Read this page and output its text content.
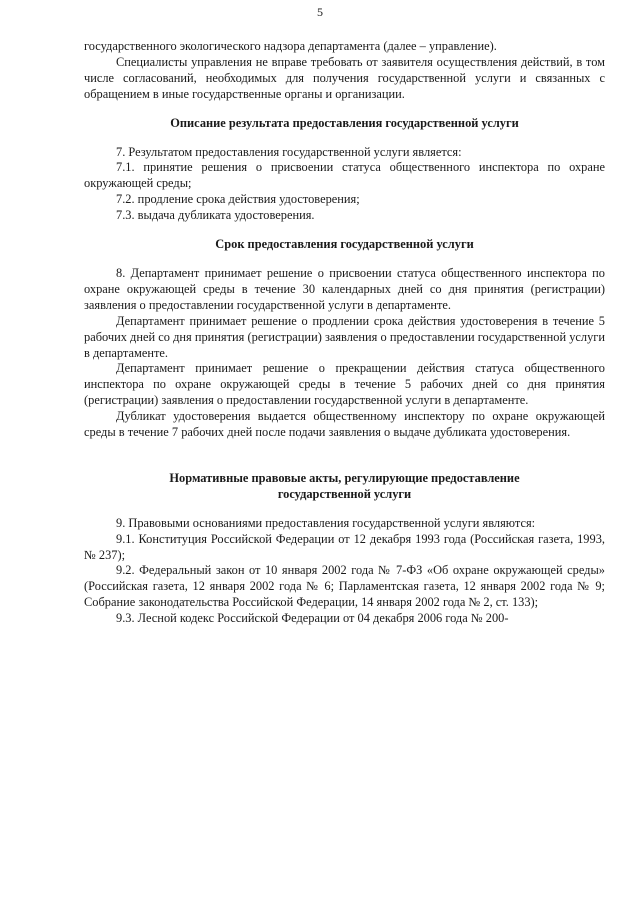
5

государственного экологического надзора департамента (далее – управление).

Специалисты управления не вправе требовать от заявителя осуществления действий, в том числе согласований, необходимых для получения государственной услуги и связанных с обращением в иные государственные органы и организации.

Описание результата предоставления государственной услуги

7. Результатом предоставления государственной услуги является:

7.1. принятие решения о присвоении статуса общественного инспектора по охране окружающей среды;

7.2. продление срока действия удостоверения;

7.3. выдача дубликата удостоверения.

Срок предоставления государственной услуги

8. Департамент принимает решение о присвоении статуса общественного инспектора по охране окружающей среды в течение 30 календарных дней со дня принятия (регистрации) заявления о предоставлении государственной услуги в департаменте.

Департамент принимает решение о продлении срока действия удостоверения в течение 5 рабочих дней со дня принятия (регистрации) заявления о предоставлении государственной услуги в департаменте.

Департамент принимает решение о прекращении действия статуса общественного инспектора по охране окружающей среды в течение 5 рабочих дней со дня принятия (регистрации) заявления о предоставлении государственной услуги в департаменте.

Дубликат удостоверения выдается общественному инспектору по охране окружающей среды в течение 7 рабочих дней после подачи заявления о выдаче дубликата удостоверения.

Нормативные правовые акты, регулирующие предоставление государственной услуги

9. Правовыми основаниями предоставления государственной услуги являются:

9.1. Конституция Российской Федерации от 12 декабря 1993 года (Российская газета, 1993, № 237);

9.2. Федеральный закон от 10 января 2002 года № 7-ФЗ «Об охране окружающей среды» (Российская газета, 12 января 2002 года № 6; Парламентская газета, 12 января 2002 года № 9; Собрание законодательства Российской Федерации, 14 января 2002 года № 2, ст. 133);

9.3. Лесной кодекс Российской Федерации от 04 декабря 2006 года № 200-
